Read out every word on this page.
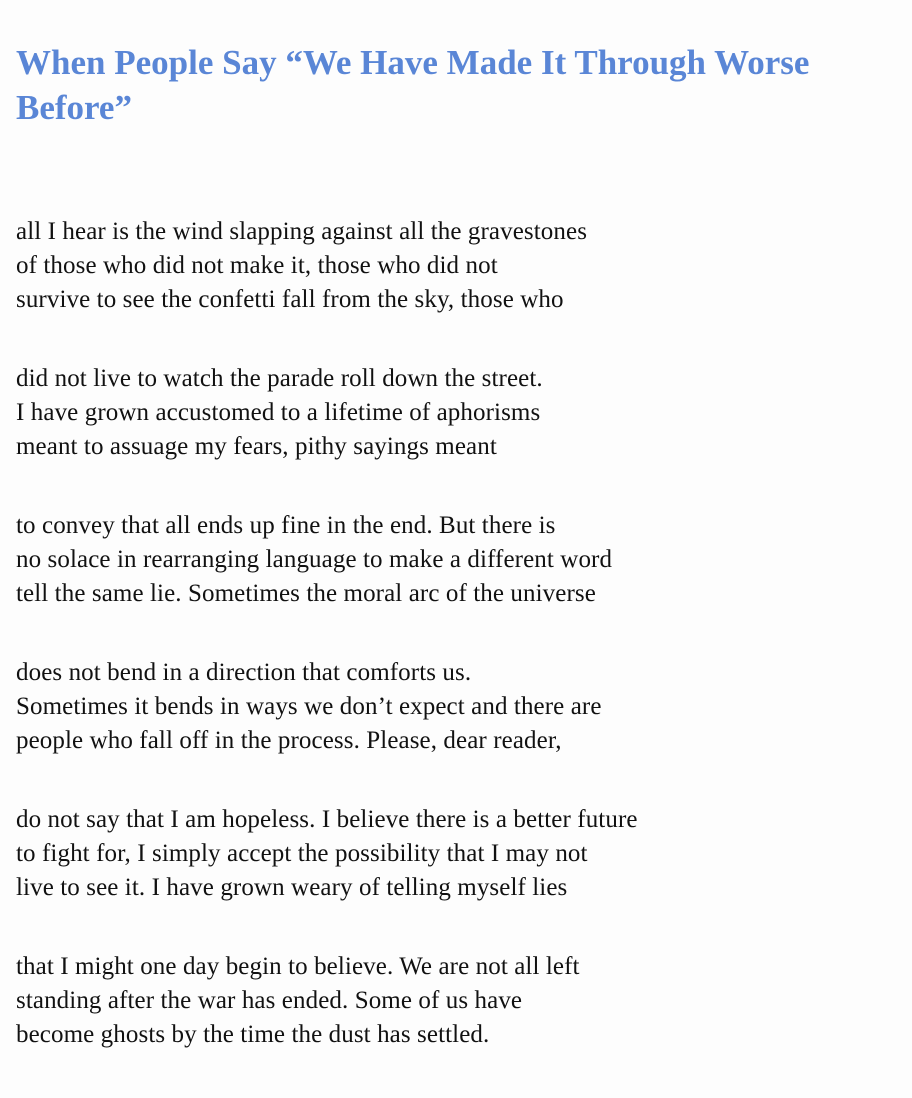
When People Say “We Have Made It Through Worse Before”
all I hear is the wind slapping against all the gravestones
of those who did not make it, those who did not
survive to see the confetti fall from the sky, those who
did not live to watch the parade roll down the street.
I have grown accustomed to a lifetime of aphorisms
meant to assuage my fears, pithy sayings meant
to convey that all ends up fine in the end. But there is
no solace in rearranging language to make a different word
tell the same lie. Sometimes the moral arc of the universe
does not bend in a direction that comforts us.
Sometimes it bends in ways we don’t expect and there are
people who fall off in the process. Please, dear reader,
do not say that I am hopeless. I believe there is a better future
to fight for, I simply accept the possibility that I may not
live to see it. I have grown weary of telling myself lies
that I might one day begin to believe. We are not all left
standing after the war has ended. Some of us have
become ghosts by the time the dust has settled.
